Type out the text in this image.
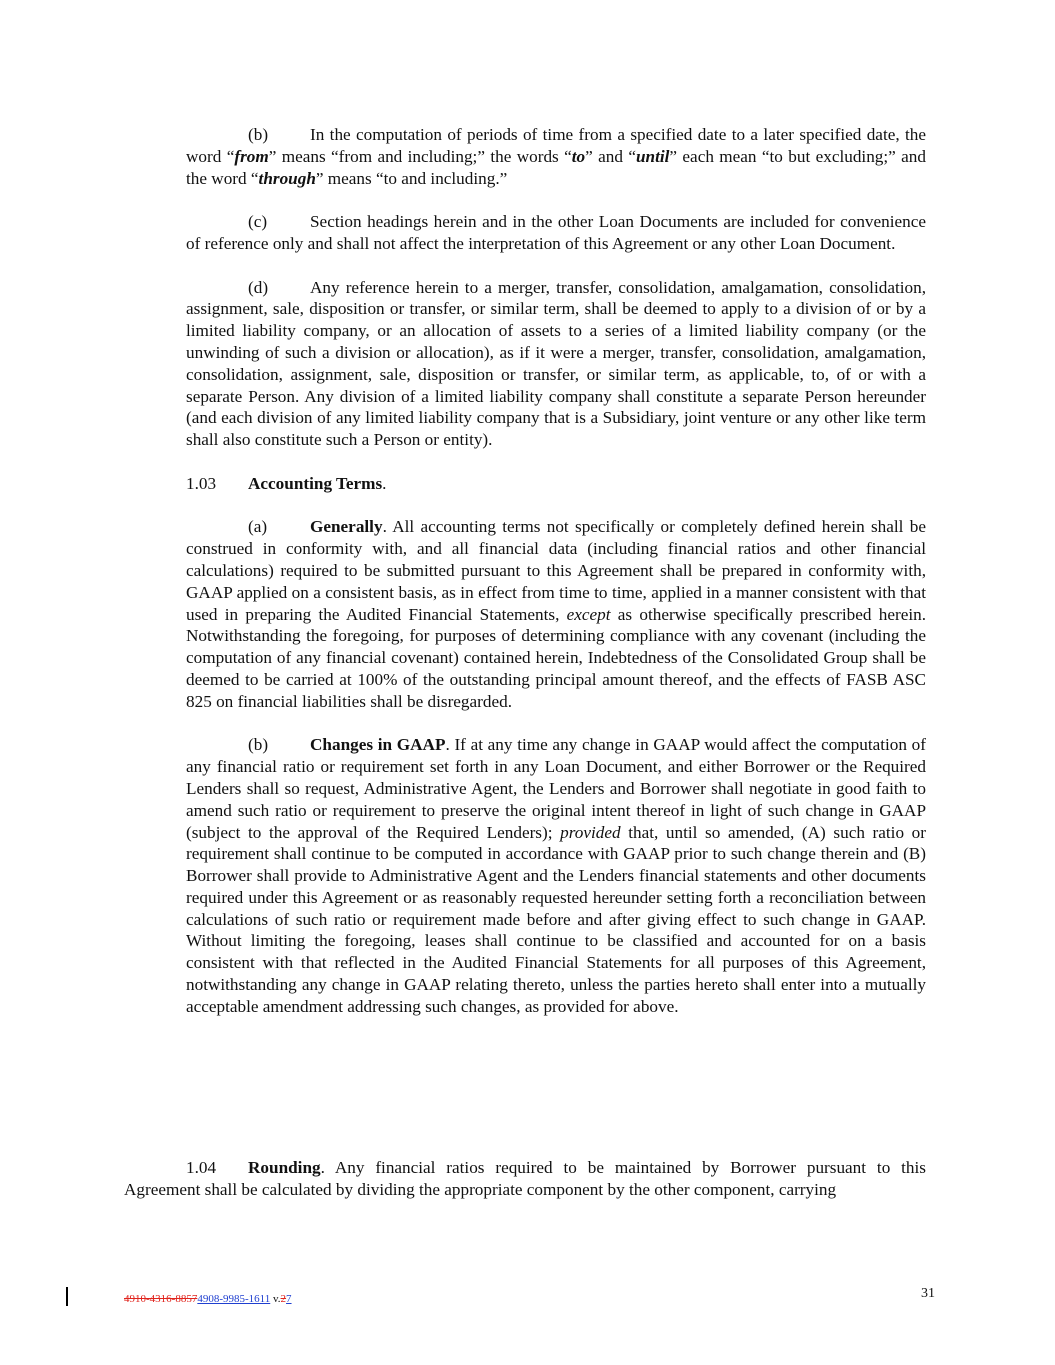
(b) In the computation of periods of time from a specified date to a later specified date, the word “from” means “from and including;” the words “to” and “until” each mean “to but excluding;” and the word “through” means “to and including.”

(c) Section headings herein and in the other Loan Documents are included for convenience of reference only and shall not affect the interpretation of this Agreement or any other Loan Document.

(d) Any reference herein to a merger, transfer, consolidation, amalgamation, consolidation, assignment, sale, disposition or transfer, or similar term, shall be deemed to apply to a division of or by a limited liability company, or an allocation of assets to a series of a limited liability company (or the unwinding of such a division or allocation), as if it were a merger, transfer, consolidation, amalgamation, consolidation, assignment, sale, disposition or transfer, or similar term, as applicable, to, of or with a separate Person. Any division of a limited liability company shall constitute a separate Person hereunder (and each division of any limited liability company that is a Subsidiary, joint venture or any other like term shall also constitute such a Person or entity).

1.03 Accounting Terms.

(a) Generally. All accounting terms not specifically or completely defined herein shall be construed in conformity with, and all financial data (including financial ratios and other financial calculations) required to be submitted pursuant to this Agreement shall be prepared in conformity with, GAAP applied on a consistent basis, as in effect from time to time, applied in a manner consistent with that used in preparing the Audited Financial Statements, except as otherwise specifically prescribed herein. Notwithstanding the foregoing, for purposes of determining compliance with any covenant (including the computation of any financial covenant) contained herein, Indebtedness of the Consolidated Group shall be deemed to be carried at 100% of the outstanding principal amount thereof, and the effects of FASB ASC 825 on financial liabilities shall be disregarded.

(b) Changes in GAAP. If at any time any change in GAAP would affect the computation of any financial ratio or requirement set forth in any Loan Document, and either Borrower or the Required Lenders shall so request, Administrative Agent, the Lenders and Borrower shall negotiate in good faith to amend such ratio or requirement to preserve the original intent thereof in light of such change in GAAP (subject to the approval of the Required Lenders); provided that, until so amended, (A) such ratio or requirement shall continue to be computed in accordance with GAAP prior to such change therein and (B) Borrower shall provide to Administrative Agent and the Lenders financial statements and other documents required under this Agreement or as reasonably requested hereunder setting forth a reconciliation between calculations of such ratio or requirement made before and after giving effect to such change in GAAP. Without limiting the foregoing, leases shall continue to be classified and accounted for on a basis consistent with that reflected in the Audited Financial Statements for all purposes of this Agreement, notwithstanding any change in GAAP relating thereto, unless the parties hereto shall enter into a mutually acceptable amendment addressing such changes, as provided for above.

1.04 Rounding. Any financial ratios required to be maintained by Borrower pursuant to this Agreement shall be calculated by dividing the appropriate component by the other component, carrying

4910-4316-88574908-9985-1611 v.27	31
